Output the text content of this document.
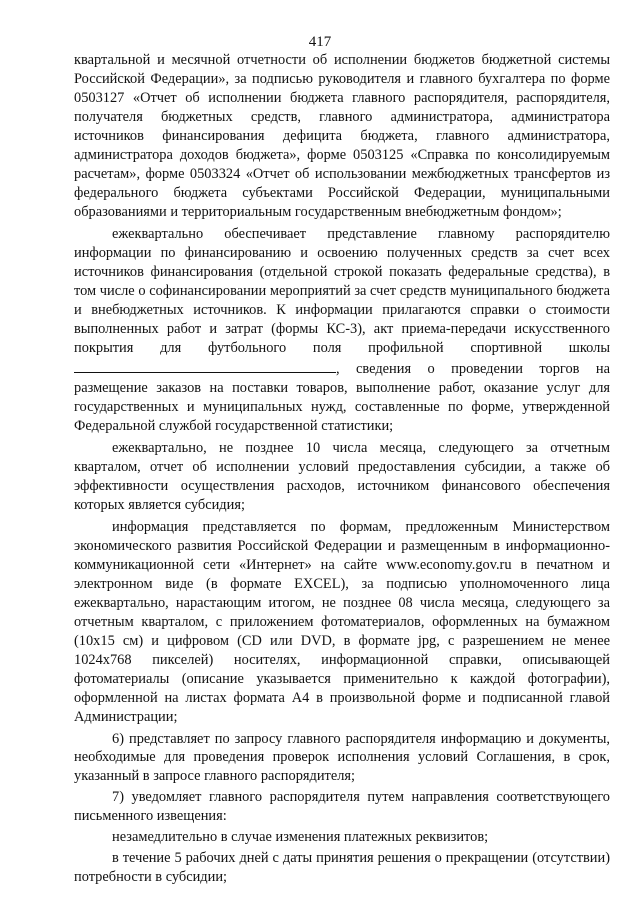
417

квартальной и месячной отчетности об исполнении бюджетов бюджетной системы Российской Федерации», за подписью руководителя и главного бухгалтера по форме 0503127 «Отчет об исполнении бюджета главного распорядителя, распорядителя, получателя бюджетных средств, главного администратора, администратора источников финансирования дефицита бюджета, главного администратора, администратора доходов бюджета», форме 0503125 «Справка по консолидируемым расчетам», форме 0503324 «Отчет об использовании межбюджетных трансфертов из федерального бюджета субъектами Российской Федерации, муниципальными образованиями и территориальным государственным внебюджетным фондом»;

ежеквартально обеспечивает представление главному распорядителю информации по финансированию и освоению полученных средств за счет всех источников финансирования (отдельной строкой показать федеральные средства), в том числе о софинансировании мероприятий за счет средств муниципального бюджета и внебюджетных источников. К информации прилагаются справки о стоимости выполненных работ и затрат (формы КС-3), акт приема-передачи искусственного покрытия для футбольного поля профильной спортивной школы , сведения о проведении торгов на размещение заказов на поставки товаров, выполнение работ, оказание услуг для государственных и муниципальных нужд, составленные по форме, утвержденной Федеральной службой государственной статистики;

ежеквартально, не позднее 10 числа месяца, следующего за отчетным кварталом, отчет об исполнении условий предоставления субсидии, а также об эффективности осуществления расходов, источником финансового обеспечения которых является субсидия;

информация представляется по формам, предложенным Министерством экономического развития Российской Федерации и размещенным в информационно-коммуникационной сети «Интернет» на сайте www.economy.gov.ru в печатном и электронном виде (в формате EXCEL), за подписью уполномоченного лица ежеквартально, нарастающим итогом, не позднее 08 числа месяца, следующего за отчетным кварталом, с приложением фотоматериалов, оформленных на бумажном (10х15 см) и цифровом (CD или DVD, в формате jpg, с разрешением не менее 1024х768 пикселей) носителях, информационной справки, описывающей фотоматериалы (описание указывается применительно к каждой фотографии), оформленной на листах формата А4 в произвольной форме и подписанной главой Администрации;

6) представляет по запросу главного распорядителя информацию и документы, необходимые для проведения проверок исполнения условий Соглашения, в срок, указанный в запросе главного распорядителя;

7) уведомляет главного распорядителя путем направления соответствующего письменного извещения:

незамедлительно в случае изменения платежных реквизитов;

в течение 5 рабочих дней с даты принятия решения о прекращении (отсутствии) потребности в субсидии;
